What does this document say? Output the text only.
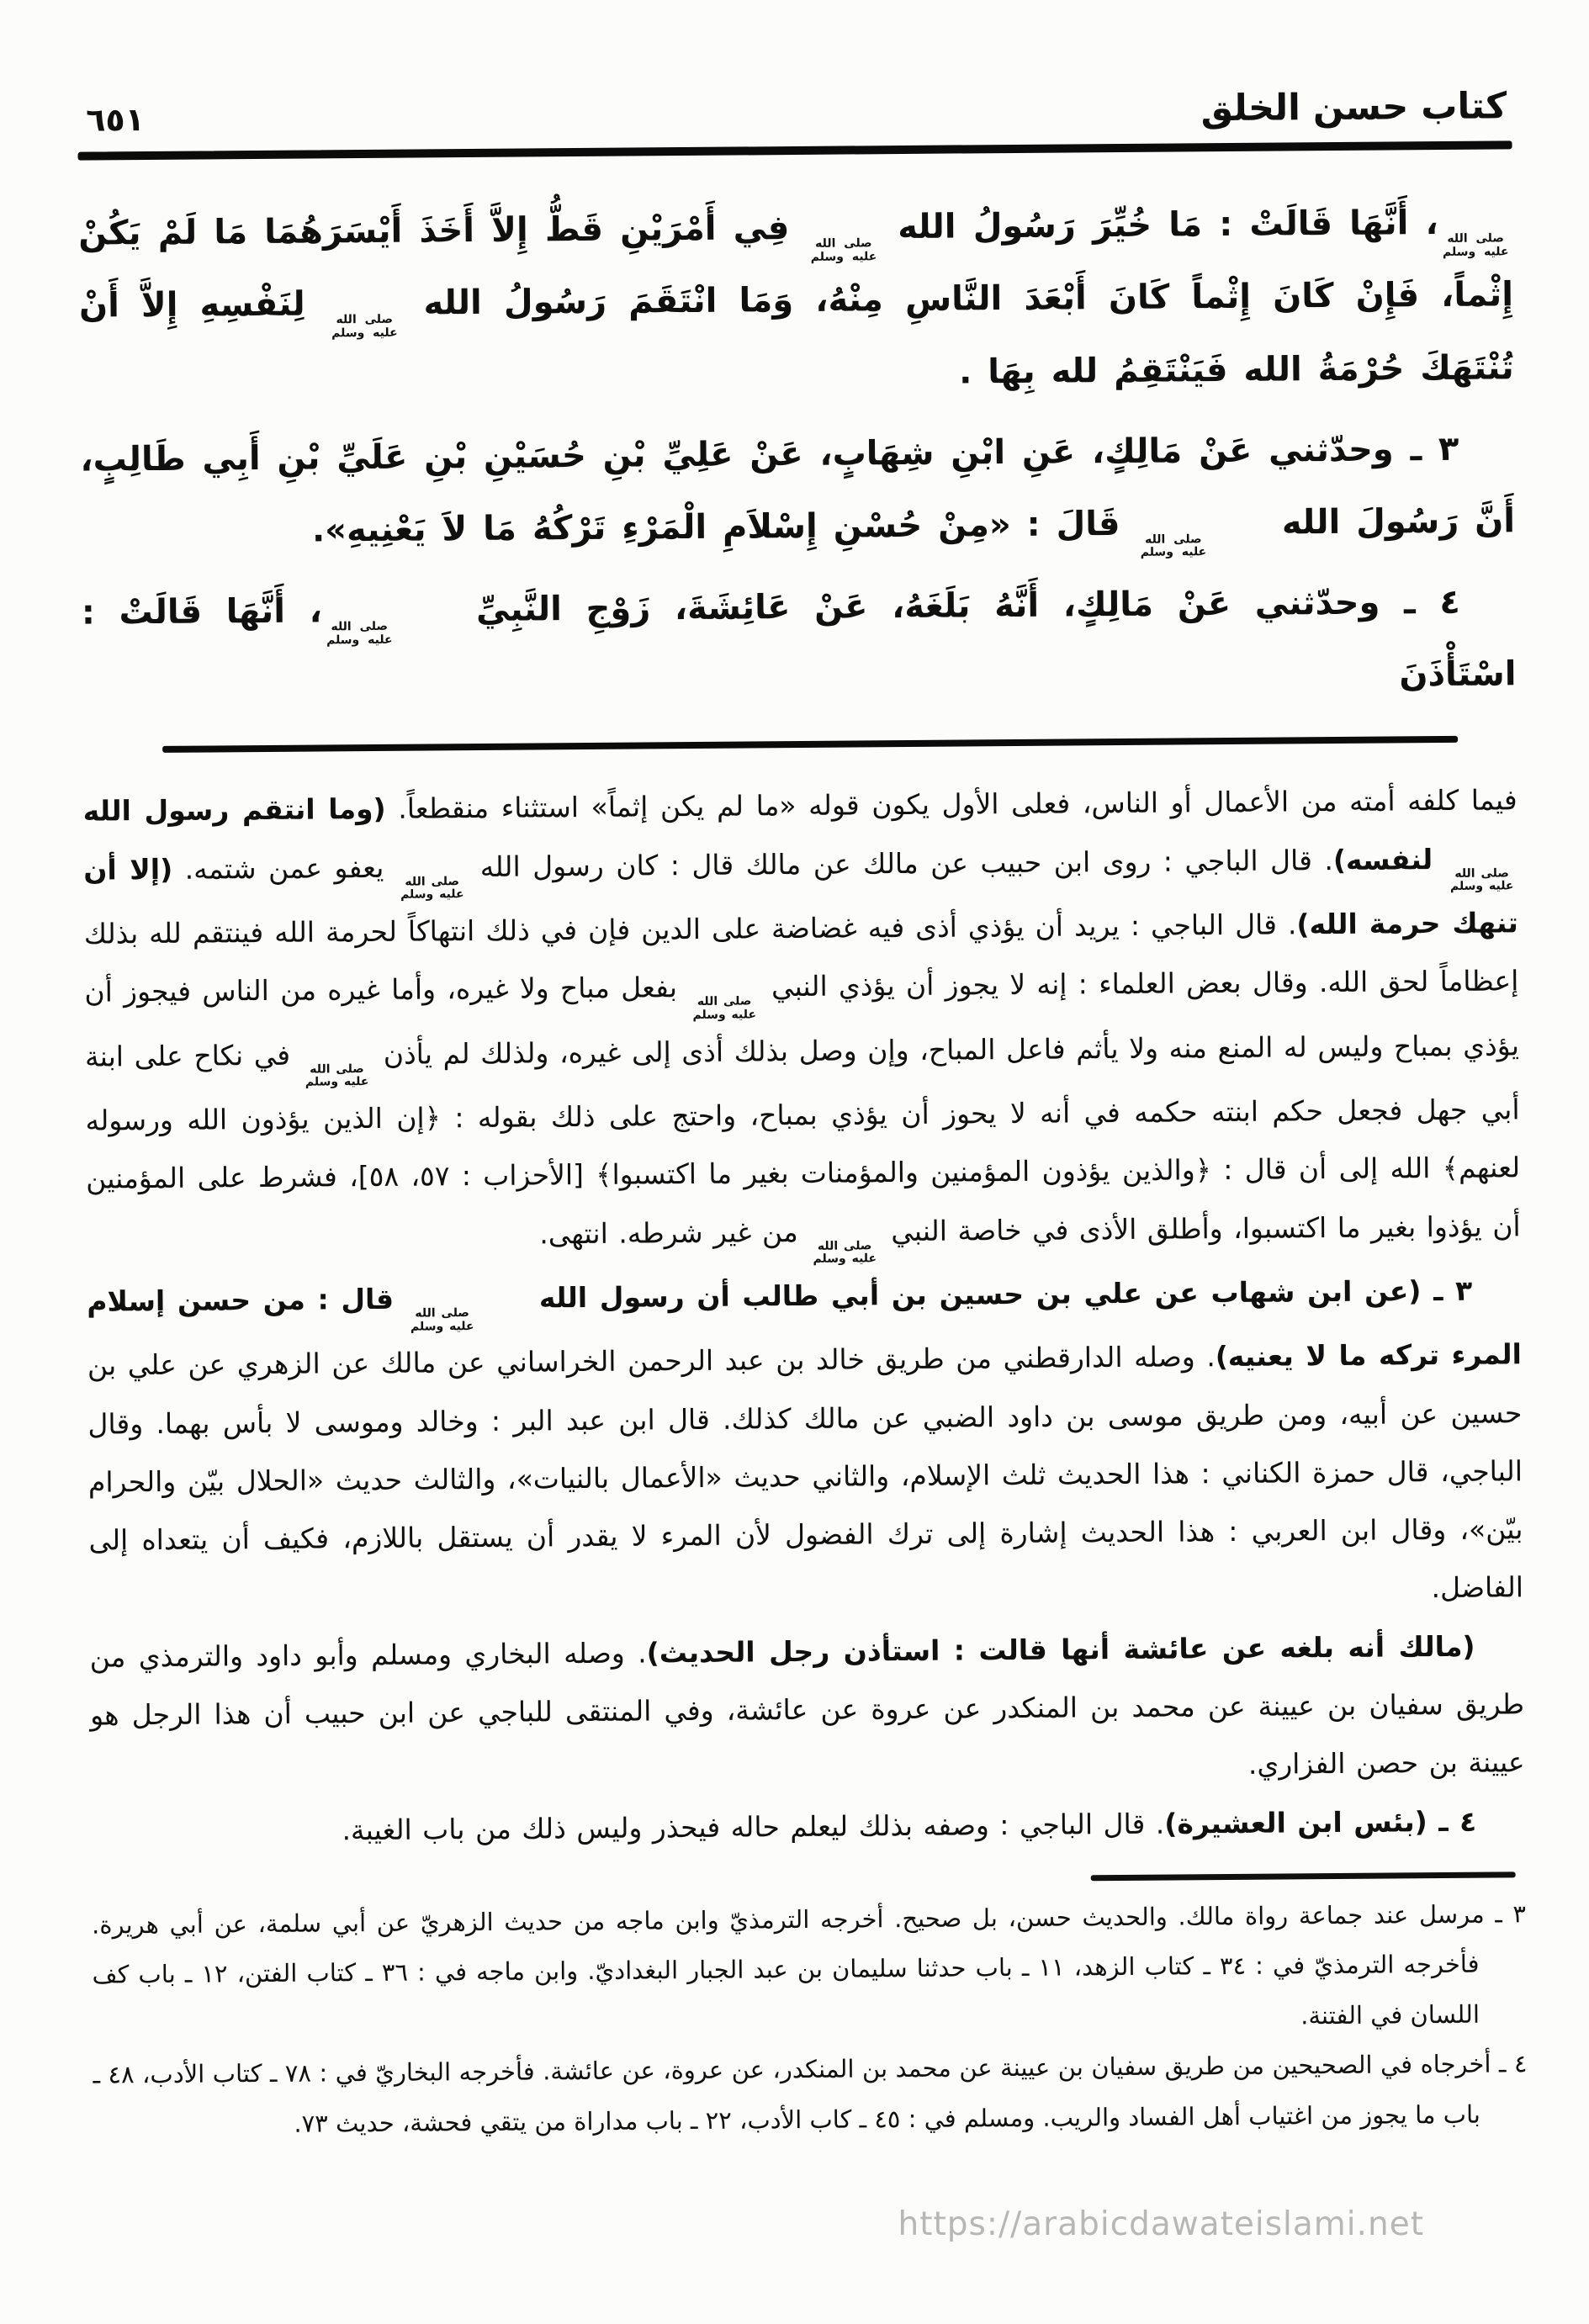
كتاب حسن الخلق
٦٥١

صلى الله
عليه وسلم
، أَنَّهَا قَالَتْ : مَا خُيِّرَ رَسُولُ الله
صلى الله
عليه وسلم
فِي أَمْرَيْنِ قَطُّ إِلاَّ أَخَذَ أَيْسَرَهُمَا مَا لَمْ يَكُنْ إِثْماً، فَإِنْ كَانَ إِثْماً كَانَ أَبْعَدَ النَّاسِ مِنْهُ، وَمَا انْتَقَمَ رَسُولُ الله
صلى الله
عليه وسلم
لِنَفْسِهِ إِلاَّ أَنْ تُنْتَهَكَ حُرْمَةُ الله فَيَنْتَقِمُ لله بِهَا .

٣ ـ وحدّثني عَنْ مَالِكٍ، عَنِ ابْنِ شِهَابٍ، عَنْ عَلِيِّ بْنِ حُسَيْنِ بْنِ عَلَيِّ بْنِ أَبِي طَالِبٍ، أَنَّ رَسُولَ الله
صلى الله
عليه وسلم
قَالَ : «مِنْ حُسْنِ إِسْلاَمِ الْمَرْءِ تَرْكُهُ مَا لاَ يَعْنِيهِ».

٤ ـ وحدّثني عَنْ مَالِكٍ، أَنَّهُ بَلَغَهُ، عَنْ عَائِشَةَ، زَوْجِ النَّبِيِّ
صلى الله
عليه وسلم
، أَنَّهَا قَالَتْ : اسْتَأْذَنَ

فيما كلفه أمته من الأعمال أو الناس، فعلى الأول يكون قوله «ما لم يكن إثماً» استثناء منقطعاً. (وما انتقم رسول الله
صلى الله
عليه وسلم
لنفسه). قال الباجي : روى ابن حبيب عن مالك عن مالك قال : كان رسول الله
صلى الله
عليه وسلم
يعفو عمن شتمه. (إلا أن تنهك حرمة الله). قال الباجي : يريد أن يؤذي أذى فيه غضاضة على الدين فإن في ذلك انتهاكاً لحرمة الله فينتقم لله بذلك إعظاماً لحق الله. وقال بعض العلماء : إنه لا يجوز أن يؤذي النبي
صلى الله
عليه وسلم
بفعل مباح ولا غيره، وأما غيره من الناس فيجوز أن يؤذي بمباح وليس له المنع منه ولا يأثم فاعل المباح، وإن وصل بذلك أذى إلى غيره، ولذلك لم يأذن
صلى الله
عليه وسلم
في نكاح على ابنة أبي جهل فجعل حكم ابنته حكمه في أنه لا يحوز أن يؤذي بمباح، واحتج على ذلك بقوله : ﴿إن الذين يؤذون الله ورسوله لعنهم﴾ الله إلى أن قال : ﴿والذين يؤذون المؤمنين والمؤمنات بغير ما اكتسبوا﴾ [الأحزاب : ٥٧، ٥٨]، فشرط على المؤمنين أن يؤذوا بغير ما اكتسبوا، وأطلق الأذى في خاصة النبي
صلى الله
عليه وسلم
من غير شرطه. انتهى.

٣ ـ (عن ابن شهاب عن علي بن حسين بن أبي طالب أن رسول الله
صلى الله
عليه وسلم
قال : من حسن إسلام المرء تركه ما لا يعنيه). وصله الدارقطني من طريق خالد بن عبد الرحمن الخراساني عن مالك عن الزهري عن علي بن حسين عن أبيه، ومن طريق موسى بن داود الضبي عن مالك كذلك. قال ابن عبد البر : وخالد وموسى لا بأس بهما. وقال الباجي، قال حمزة الكناني : هذا الحديث ثلث الإسلام، والثاني حديث «الأعمال بالنيات»، والثالث حديث «الحلال بيّن والحرام بيّن»، وقال ابن العربي : هذا الحديث إشارة إلى ترك الفضول لأن المرء لا يقدر أن يستقل باللازم، فكيف أن يتعداه إلى الفاضل.

(مالك أنه بلغه عن عائشة أنها قالت : استأذن رجل الحديث). وصله البخاري ومسلم وأبو داود والترمذي من طريق سفيان بن عيينة عن محمد بن المنكدر عن عروة عن عائشة، وفي المنتقى للباجي عن ابن حبيب أن هذا الرجل هو عيينة بن حصن الفزاري.

٤ ـ (بئس ابن العشيرة). قال الباجي : وصفه بذلك ليعلم حاله فيحذر وليس ذلك من باب الغيبة.

٣ ـ مرسل عند جماعة رواة مالك. والحديث حسن، بل صحيح. أخرجه الترمذيّ وابن ماجه من حديث الزهريّ عن أبي سلمة، عن أبي هريرة. فأخرجه الترمذيّ في : ٣٤ ـ كتاب الزهد، ١١ ـ باب حدثنا سليمان بن عبد الجبار البغداديّ. وابن ماجه في : ٣٦ ـ كتاب الفتن، ١٢ ـ باب كف اللسان في الفتنة.

٤ ـ أخرجاه في الصحيحين من طريق سفيان بن عيينة عن محمد بن المنكدر، عن عروة، عن عائشة. فأخرجه البخاريّ في : ٧٨ ـ كتاب الأدب، ٤٨ ـ باب ما يجوز من اغتياب أهل الفساد والريب. ومسلم في : ٤٥ ـ كاب الأدب، ٢٢ ـ باب مداراة من يتقي فحشة، حديث ٧٣.

https://arabicdawateislami.net
